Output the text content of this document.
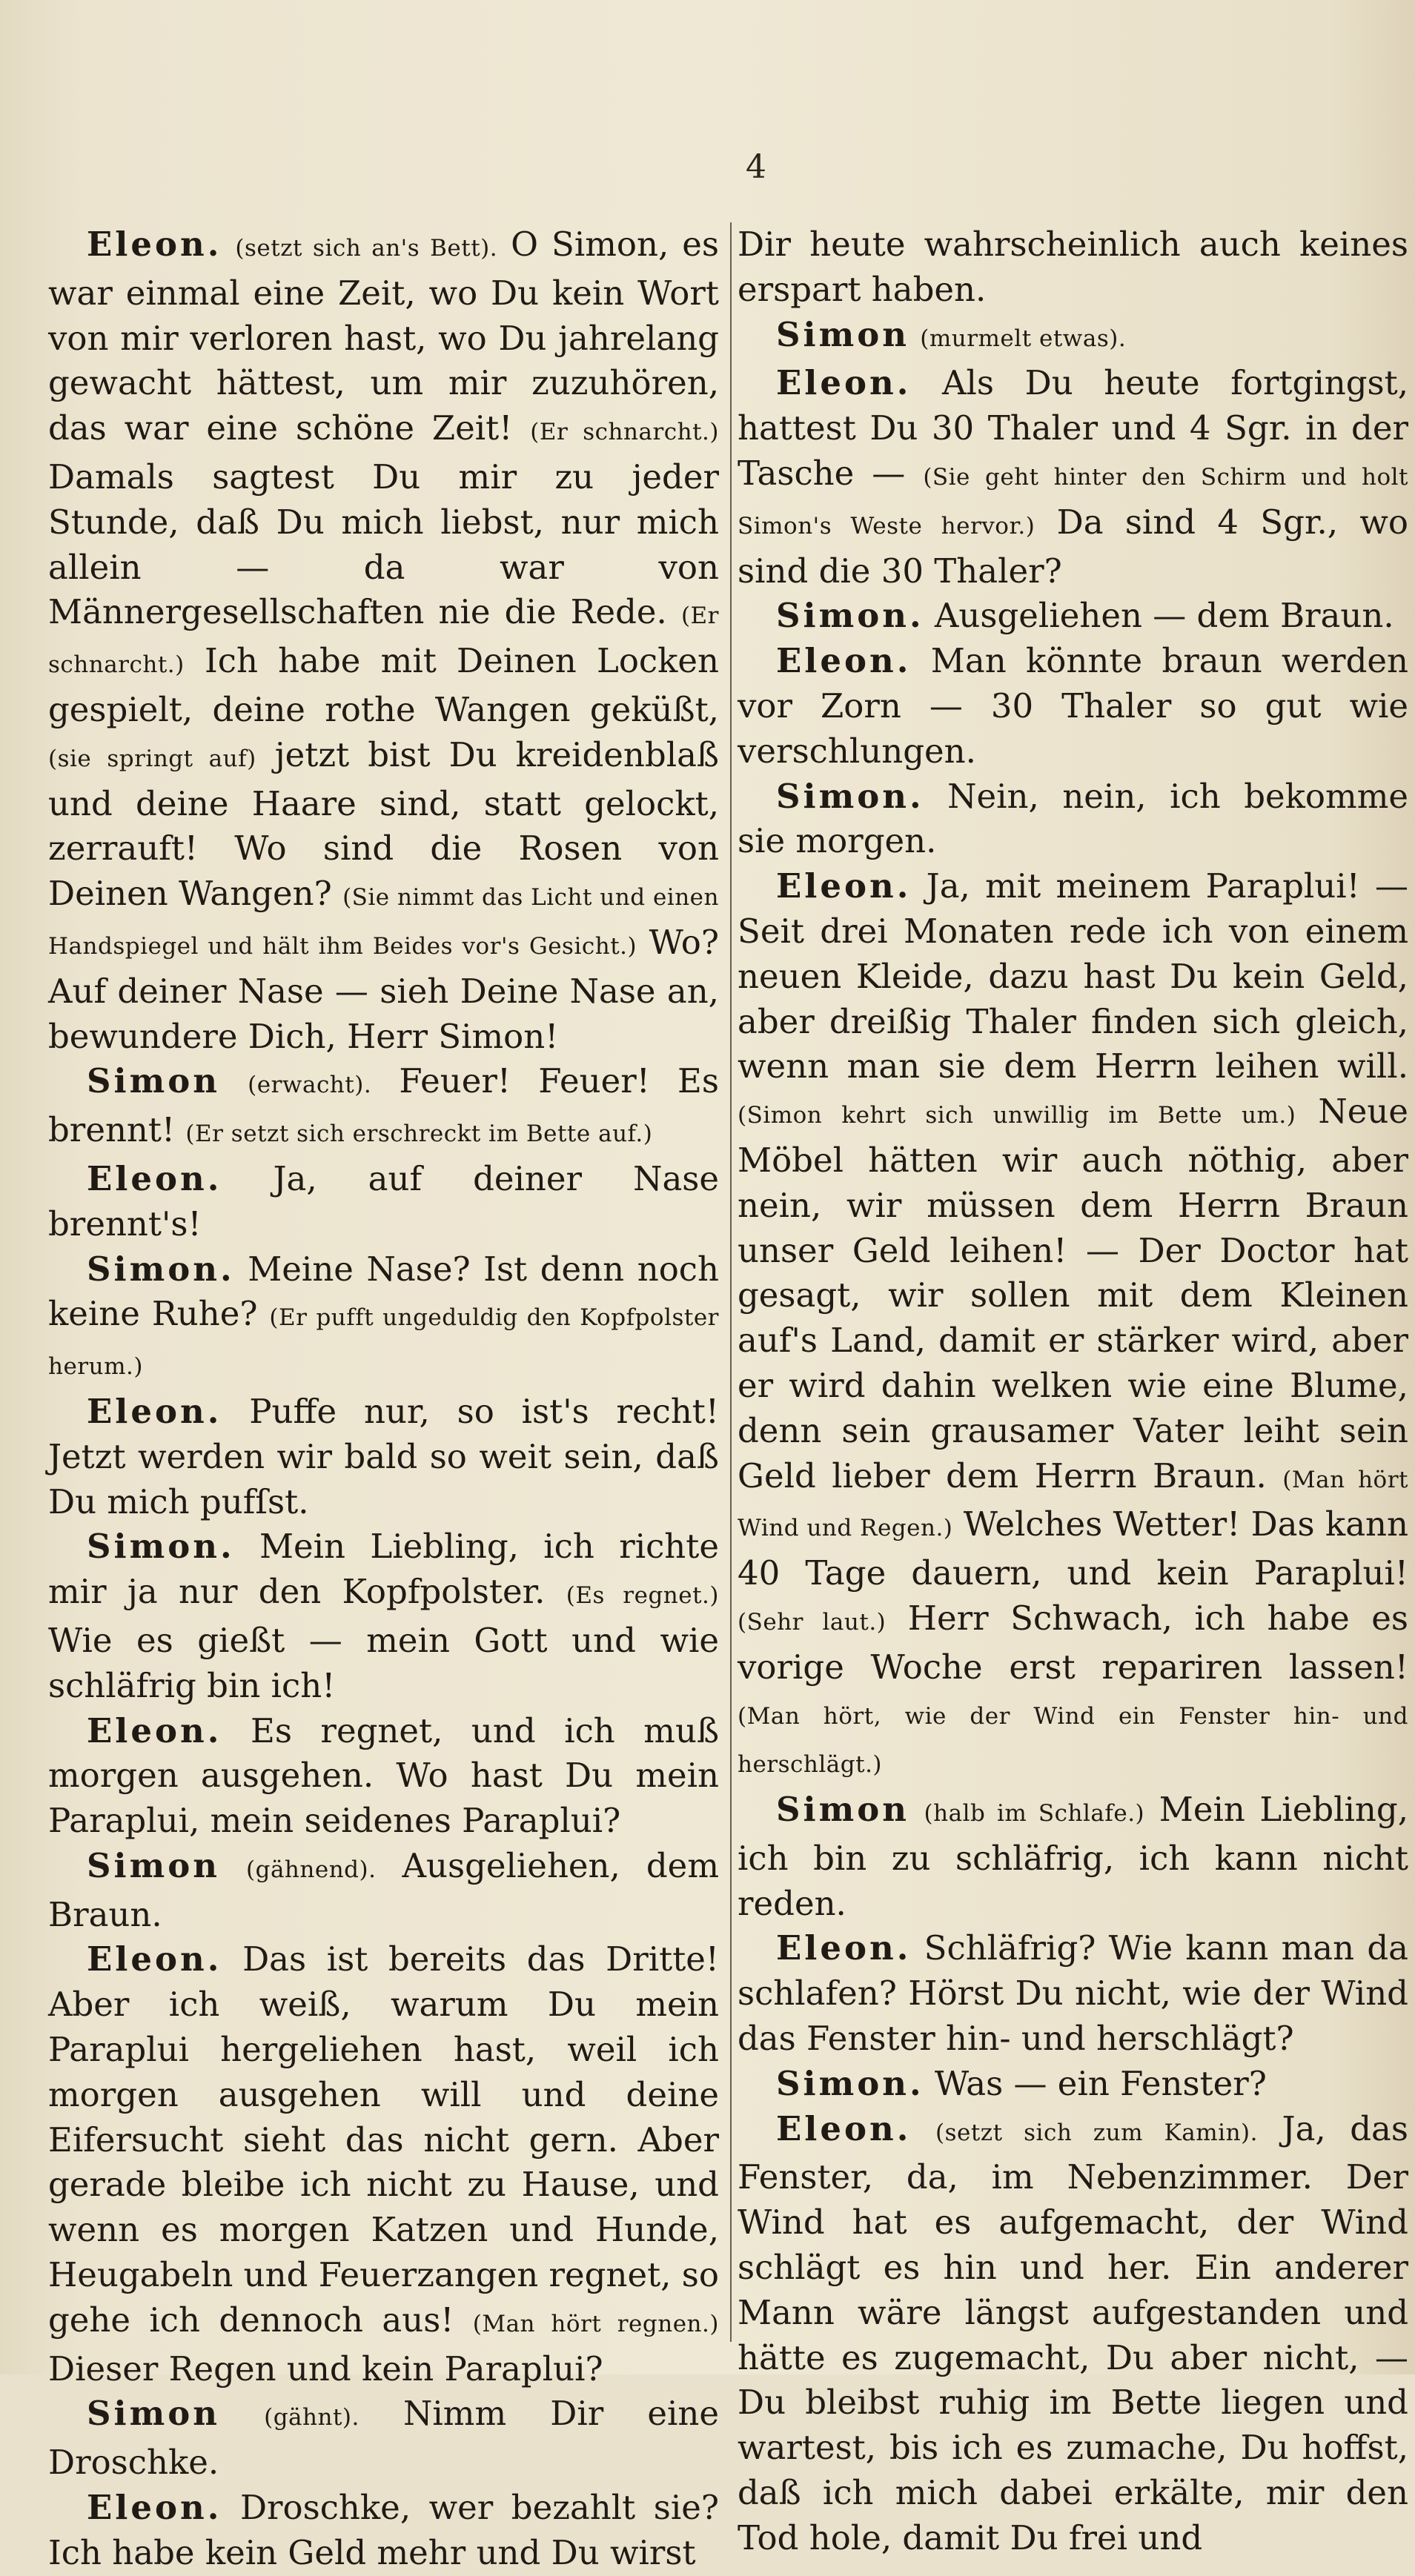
4

Eleon. (setzt sich an's Bett). O Simon, es war einmal eine Zeit, wo Du kein Wort von mir verloren hast, wo Du jahrelang gewacht hättest, um mir zuzuhören, das war eine schöne Zeit! (Er schnarcht.) Damals sagtest Du mir zu jeder Stunde, daß Du mich liebst, nur mich allein — da war von Männergesellschaften nie die Rede. (Er schnarcht.) Ich habe mit Deinen Locken gespielt, deine rothe Wangen geküßt, (sie springt auf) jetzt bist Du kreidenblaß und deine Haare sind, statt gelockt, zerrauft! Wo sind die Rosen von Deinen Wangen? (Sie nimmt das Licht und einen Handspiegel und hält ihm Beides vor's Gesicht.) Wo? Auf deiner Nase — sieh Deine Nase an, bewundere Dich, Herr Simon!

Simon (erwacht). Feuer! Feuer! Es brennt! (Er setzt sich erschreckt im Bette auf.)

Eleon. Ja, auf deiner Nase brennt's!

Simon. Meine Nase? Ist denn noch keine Ruhe? (Er pufft ungeduldig den Kopfpolster herum.)

Eleon. Puffe nur, so ist's recht! Jetzt werden wir bald so weit sein, daß Du mich pufſst.

Simon. Mein Liebling, ich richte mir ja nur den Kopfpolster. (Es regnet.) Wie es gießt — mein Gott und wie schläfrig bin ich!

Eleon. Es regnet, und ich muß morgen ausgehen. Wo hast Du mein Paraplui, mein seidenes Paraplui?

Simon (gähnend). Ausgeliehen, dem Braun.

Eleon. Das ist bereits das Dritte! Aber ich weiß, warum Du mein Paraplui hergeliehen hast, weil ich morgen ausgehen will und deine Eifersucht sieht das nicht gern. Aber gerade bleibe ich nicht zu Hause, und wenn es morgen Katzen und Hunde, Heugabeln und Feuerzangen regnet, so gehe ich dennoch aus! (Man hört regnen.) Dieser Regen und kein Paraplui?

Simon (gähnt). Nimm Dir eine Droschke.

Eleon. Droschke, wer bezahlt sie? Ich habe kein Geld mehr und Du wirst

Dir heute wahrscheinlich auch keines erspart haben.

Simon (murmelt etwas).

Eleon. Als Du heute fortgingst, hattest Du 30 Thaler und 4 Sgr. in der Tasche — (Sie geht hinter den Schirm und holt Simon's Weste hervor.) Da sind 4 Sgr., wo sind die 30 Thaler?

Simon. Ausgeliehen — dem Braun.

Eleon. Man könnte braun werden vor Zorn — 30 Thaler so gut wie verschlungen.

Simon. Nein, nein, ich bekomme sie morgen.

Eleon. Ja, mit meinem Paraplui! — Seit drei Monaten rede ich von einem neuen Kleide, dazu hast Du kein Geld, aber dreißig Thaler finden sich gleich, wenn man sie dem Herrn leihen will. (Simon kehrt sich unwillig im Bette um.) Neue Möbel hätten wir auch nöthig, aber nein, wir müssen dem Herrn Braun unser Geld leihen! — Der Doctor hat gesagt, wir sollen mit dem Kleinen auf's Land, damit er stärker wird, aber er wird dahin welken wie eine Blume, denn sein grausamer Vater leiht sein Geld lieber dem Herrn Braun. (Man hört Wind und Regen.) Welches Wetter! Das kann 40 Tage dauern, und kein Paraplui! (Sehr laut.) Herr Schwach, ich habe es vorige Woche erst repariren lassen! (Man hört, wie der Wind ein Fenster hin- und herschlägt.)

Simon (halb im Schlafe.) Mein Liebling, ich bin zu schläfrig, ich kann nicht reden.

Eleon. Schläfrig? Wie kann man da schlafen? Hörst Du nicht, wie der Wind das Fenster hin- und herschlägt?

Simon. Was — ein Fenster?

Eleon. (setzt sich zum Kamin). Ja, das Fenster, da, im Nebenzimmer. Der Wind hat es aufgemacht, der Wind schlägt es hin und her. Ein anderer Mann wäre längst aufgestanden und hätte es zugemacht, Du aber nicht, — Du bleibst ruhig im Bette liegen und wartest, bis ich es zumache, Du hoffst, daß ich mich dabei erkälte, mir den Tod hole, damit Du frei und
